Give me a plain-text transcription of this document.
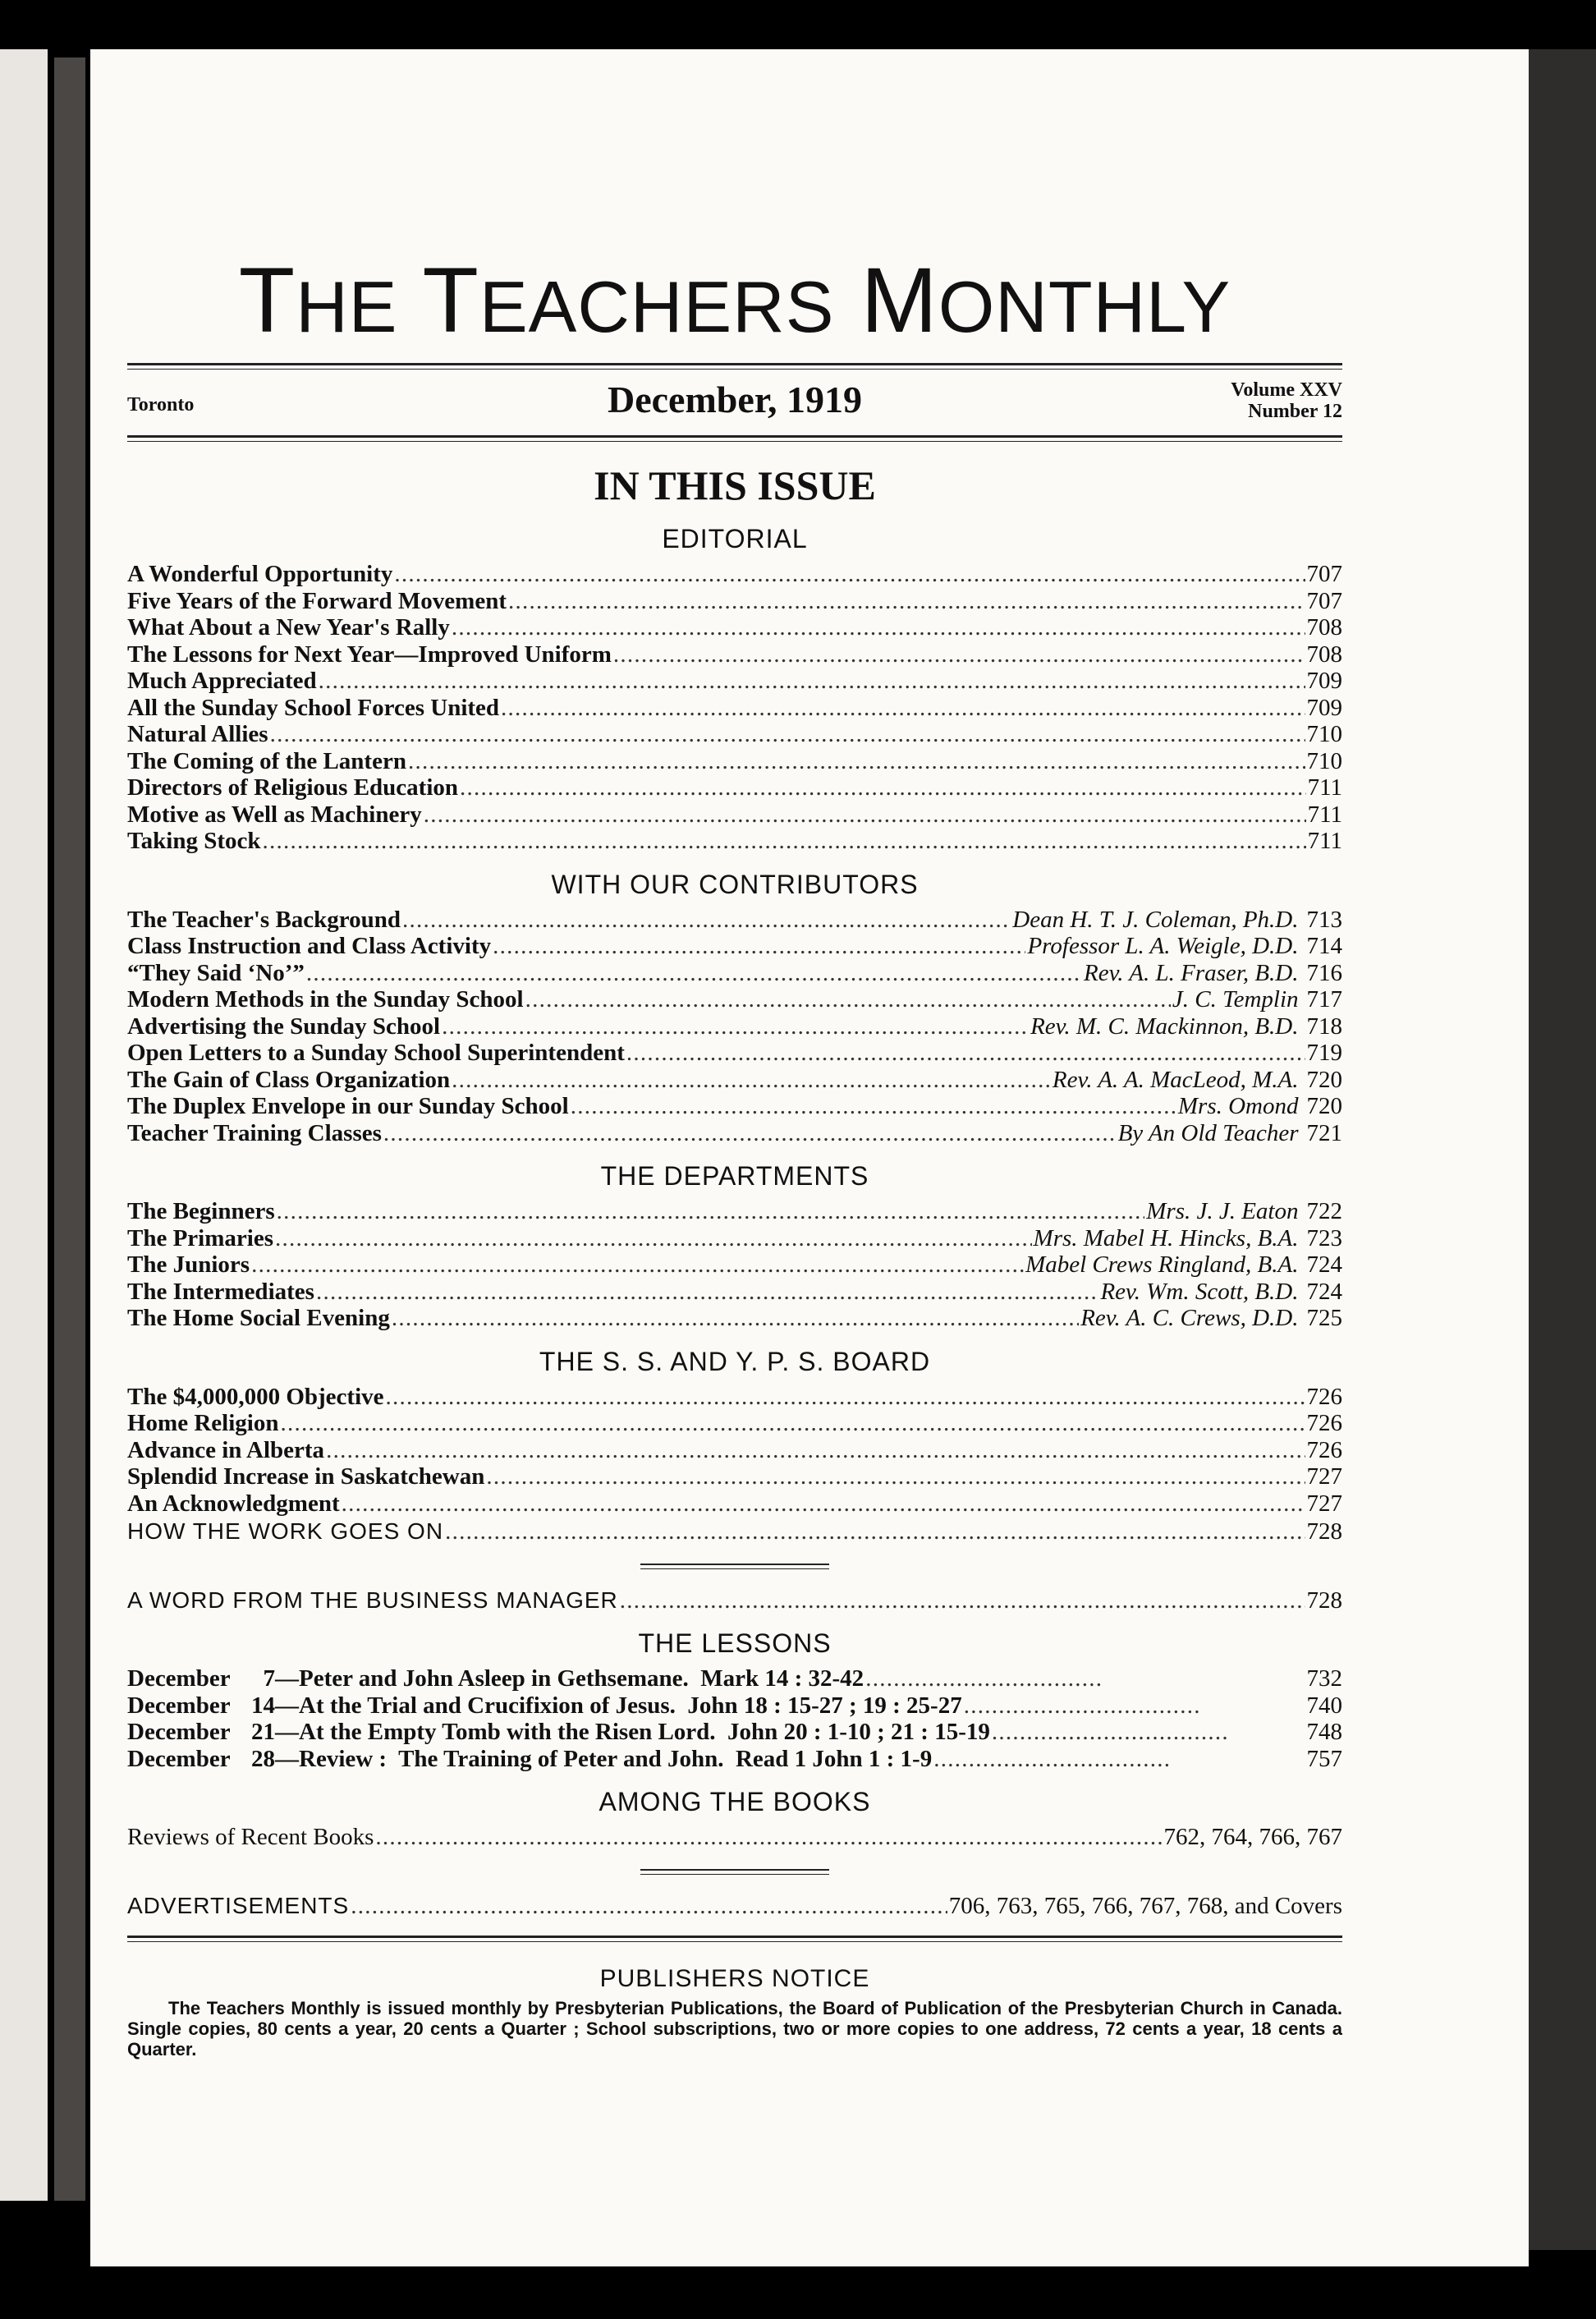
THE TEACHERS MONTHLY
Toronto	December, 1919	Volume XXV
Number 12
IN THIS ISSUE
EDITORIAL
A Wonderful Opportunity . . .	707
Five Years of the Forward Movement . . .	707
What About a New Year's Rally . . .	708
The Lessons for Next Year—Improved Uniform . . .	708
Much Appreciated . . .	709
All the Sunday School Forces United . . .	709
Natural Allies . . .	710
The Coming of the Lantern . . .	710
Directors of Religious Education . . .	711
Motive as Well as Machinery . . .	711
Taking Stock . . .	711
WITH OUR CONTRIBUTORS
The Teacher's Background . . .	Dean H. T. J. Coleman, Ph.D. 713
Class Instruction and Class Activity . . .	Professor L. A. Weigle, D.D. 714
“They Said ‘No’” . . .	Rev. A. L. Fraser, B.D. 716
Modern Methods in the Sunday School . . .	J. C. Templin 717
Advertising the Sunday School . . .	Rev. M. C. Mackinnon, B.D. 718
Open Letters to a Sunday School Superintendent . . .	719
The Gain of Class Organization . . .	Rev. A. A. MacLeod, M.A. 720
The Duplex Envelope in our Sunday School . . .	Mrs. Omond 720
Teacher Training Classes . . .	By An Old Teacher 721
THE DEPARTMENTS
The Beginners . . .	Mrs. J. J. Eaton 722
The Primaries . . .	Mrs. Mabel H. Hincks, B.A. 723
The Juniors . . .	Mabel Crews Ringland, B.A. 724
The Intermediates . . .	Rev. Wm. Scott, B.D. 724
The Home Social Evening . . .	Rev. A. C. Crews, D.D. 725
THE S. S. AND Y. P. S. BOARD
The $4,000,000 Objective . . .	726
Home Religion . . .	726
Advance in Alberta . . .	726
Splendid Increase in Saskatchewan . . .	727
An Acknowledgment . . .	727
HOW THE WORK GOES ON . . .	728
A WORD FROM THE BUSINESS MANAGER . . .	728
THE LESSONS
December	7 —Peter and John Asleep in Gethsemane.  Mark 14 : 32-42 . . . . . . . . . . . . . . . . . . . . . . . . . . . . . . . . . .	732
December 14 —At the Trial and Crucifixion of Jesus.  John 18 : 15-27 ; 19 : 25-27 . . . . . . . . . . . . . . . . . . . . . . . . . . . . . . . . . .	740
December 21 —At the Empty Tomb with the Risen Lord.  John 20 : 1-10 ; 21 : 15-19 . . . . . . . . . . . . . . . . . . . . . . . . . . . . . . . . . .	748
December 28 —Review :  The Training of Peter and John.  Read 1 John 1 : 1-9 . . . . . . . . . . . . . . . . . . . . . . . . . . . . . . . . . .	757
AMONG THE BOOKS
Reviews of Recent Books . . .	762, 764, 766, 767
ADVERTISEMENTS . . .	706, 763, 765, 766, 767, 768, and Covers
PUBLISHERS NOTICE
The Teachers Monthly is issued monthly by Presbyterian Publications, the Board of Publication of the Presbyterian Church in Canada. Single copies, 80 cents a year, 20 cents a Quarter ; School subscriptions, two or more copies to one address, 72 cents a year, 18 cents a Quarter.
